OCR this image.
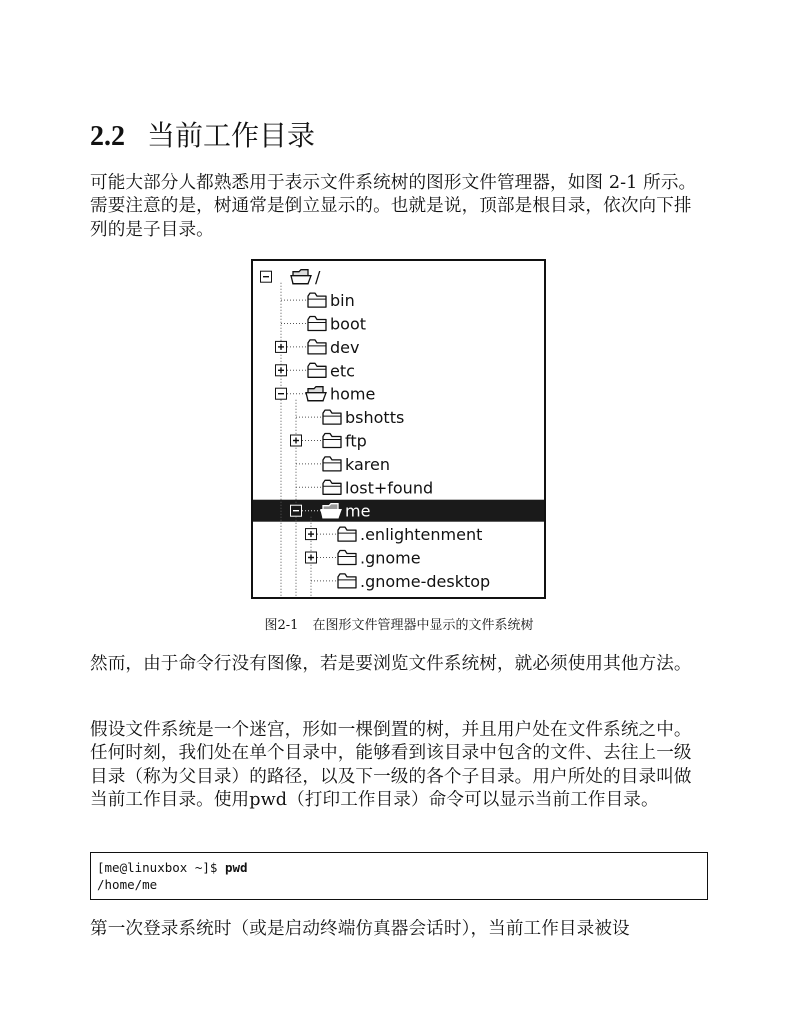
2.2 当前工作目录

可能大部分人都熟悉用于表示文件系统树的图形文件管理器，如图 2-1 所示。需要注意的是，树通常是倒立显示的。也就是说，顶部是根目录，依次向下排列的是子目录。

/
bin
boot
dev
etc
home
bshotts
ftp
karen
lost+found
me
.enlightenment
.gnome
.gnome-desktop
图2-1 在图形文件管理器中显示的文件系统树

然而，由于命令行没有图像，若是要浏览文件系统树，就必须使用其他方法。

假设文件系统是一个迷宫，形如一棵倒置的树，并且用户处在文件系统之中。任何时刻，我们处在单个目录中，能够看到该目录中包含的文件、去往上一级目录（称为父目录）的路径，以及下一级的各个子目录。用户所处的目录叫做当前工作目录。使用pwd（打印工作目录）命令可以显示当前工作目录。

[me@linuxbox ~]$ pwd
/home/me

第一次登录系统时（或是启动终端仿真器会话时），当前工作目录被设
